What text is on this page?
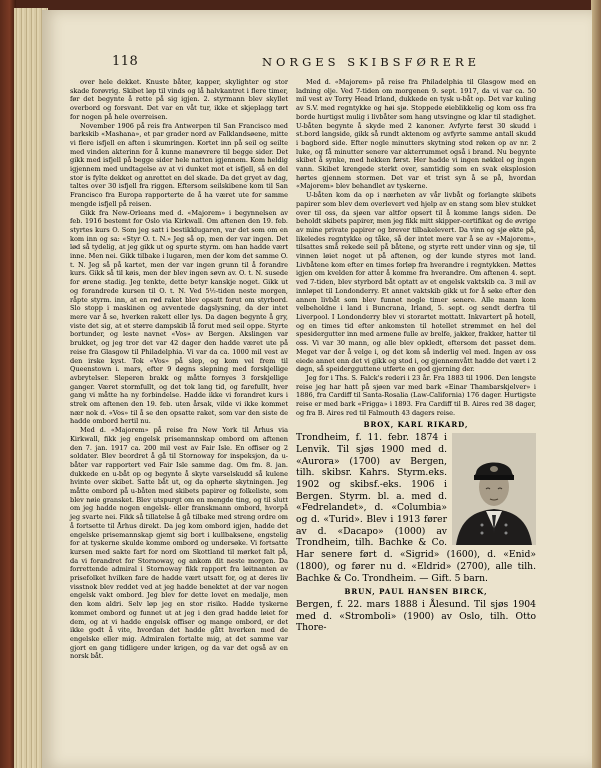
118	NORGES SKIBSFØRERE

over hele dekket. Knuste båter, kapper, skylighter og stor skade forøvrig. Skibet løp til vinds og lå halvkantret i flere timer, før det begynte å rette på sig igjen. 2. styrmann blev skyllet overbord og forsvant. Det var en våt tur, ikke et skjeplagg tørt for nogen på hele overreisen.

November 1906 på reis fra Antwerpen til San Francisco med barkskib «Mashana», et par grader nord av Falklandsøene, mitte vi flere isfjell en aften i skumringen. Kortet inn på seil og seilte med vinden akterinn for å kunne manøvrere til begge sider. Det gikk med isfjell på begge sider hele natten igjennem. Kom heldig igjennem med undtagelse av at vi dunket mot et isfjell, så en del stor is fylte dekket og anrettet en del skade. Da det gryet av dag, taltes over 30 isfjell fra riggen. Eftersom seilskibene kom til San Francisco fra Europa rapporterte de å ha været ute for samme mengde isfjell på reisen.

Gikk fra New-Orleans med d. «Majorem» i begynnelsen av feb. 1916 bestemt for Oslo via Kirkwall. Om aftenen den 19. feb. styrtes kurs O. Som jeg satt i bestikklugaren, var det som om en kom inn og sa: «Styr O. t. N.» Jeg så op, men der var ingen. Det lød så tydelig, at jeg gikk ut og spurte styrm. om han hadde vært inne. Men nei. Gikk tilbake i lugaren, men der kom det samme O. t. N. Jeg så på kartet, men der var ingen grunn til å forandre kurs. Gikk så til køis, men der blev ingen søvn av. O. t. N. susede for ørene stadig. Jeg tenkte, dette betyr kanskje noget. Gikk ut og forandrede kursen til O. t. N. Ved 5½-tiden neste morgen, råpte styrm. inn, at en rød raket blev opsatt forut om styrbord. Slo stopp i maskinen og avventede dagslysning, da der intet mere var å se, hverken rakett eller lys. Da dagen begynte å gry, viste det sig, at et større dampskib lå forut med seil oppe. Styrte bortunder, og leste navnet «Vos» av Bergen. Akslingen var brukket, og jeg tror det var 42 dager den hadde været ute på reise fra Glasgow til Philadelphia. Vi var da ca. 1000 mil vest av den irske kyst. Tok «Vos» på slep, og kom vel frem til Queenstown i. mars, efter 9 døgns slepning med forskjellige avbrytelser. Sleperen brakk og måtte fornyes 3 forskjellige ganger. Været stormfullt, og det tok lang tid, og farefullt, hver gang vi måtte ha ny forbindelse. Hadde ikke vi forandret kurs i strek om aftenen den 19. feb. uten årsak, vilde vi ikke kommet nær nok d. «Vos» til å se den opsatte raket, som var den siste de hadde ombord hertil nu.

Med d. «Majorem» på reise fra New York til Århus via Kirkwall, fikk jeg engelsk prisemannskap ombord om aftenen den 7. jan. 1917 ca. 200 mil vest av Fair Isle. En offiser og 2 soldater. Blev beordret å gå til Stornoway for inspeksjon, da u-båter var rapportert ved Fair Isle samme dag. Om fm. 8. jan. dukkede en u-båt op og begynte å skyte varselskudd så kulene hvinte over skibet. Satte båt ut, og da ophørte skytningen. Jeg måtte ombord på u-båten med skibets papirer og folkeliste, som blev nøie gransket. Blev utspurgt om en mengde ting, og til slutt om jeg hadde nogen engelsk- eller franskmann ombord, hvorpå jeg svarte nei. Fikk så tillatelse å gå tilbake med streng ordre om å fortsette til Århus direkt. Da jeg kom ombord igjen, hadde det engelske prisemannskap gjemt sig bort i kullbaksene, engstelig for at tyskerne skulde komme ombord og undersøke. Vi fortsatte kursen med sakte fart for nord om Skottland til mørket falt på, da vi forandret for Stornoway, og ankom dit neste morgen. Da forrettende admiral i Stornoway fikk rapport fra løitnanten av prisefolket hvilken fare de hadde vært utsatt for, og at deres liv visstnok blev reddet ved at jeg hadde benektet at der var nogen engelsk vakt ombord. Jeg blev for dette lovet en medalje, men den kom aldri. Selv løp jeg en stor risiko. Hadde tyskerne kommet ombord og funnet ut at jeg i den grad hadde løiet for dem, og at vi hadde engelsk offiser og mange ombord, er det ikke godt å vite, hvordan det hadde gått hverken med de engelske eller mig. Admiralen fortalte mig, at det samme var gjort en gang tidligere under krigen, og da var det også av en norsk båt.

Med d. «Majorem» på reise fra Philadelphia til Glasgow med en ladning olje. Ved 7-tiden om morgenen 9. sept. 1917, da vi var ca. 50 mil vest av Torry Head Irland, dukkede en tysk u-båt op. Det var kuling av S.V. med regntykke og høi sjø. Stoppede øieblikkelig og kom oss fra borde hurtigst mulig i livbåter som hang utsvingne og klar til stadighet. U-båten begynte å skyde med 2 kanoner. Avfyrte først 30 skudd i st.bord langside, gikk så rundt aktenom og avfyrte samme antall skudd i bagbord side. Efter nogle minutters skytning stod røken op av nr. 2 luke, og få minutter senere var akterrummet også i brand. Nu begynte skibet å synke, med hekken først. Her hadde vi ingen nøkkel og ingen vann. Skibet krengede sterkt over, samtidig som en svak eksplosion hørtes gjennem stormen. Det var et trist syn å se på, hvordan «Majorem» blev behandlet av tyskerne.

U-båten kom da op i nærheten av vår livbåt og forlangte skibets papirer som blev dem overlevert ved hjelp av en stang som blev stukket over til oss, da sjøen var altfor opsert til å komme langs siden. De beholdt skibets papirer, men jeg fikk mitt skipper-certifikat og de øvrige av mine private papirer og brever tilbakelevert. Da vinn og sjø økte på, likeledes regntykke og tåke, så der intet mere var å se av «Majorem», tilsattes små rekede seil på båtene, og styrte rett under vinn og sjø, til vinnen løiet noget ut på aftenen, og der kunde styres mot land. Livbåtene kom efter en times forløp fra hverandre i regntykken. Møttes igjen om kvelden for atter å komme fra hverandre. Om aftenen 4. sept. ved 7-tiden, blev styrbord båt optatt av et engelsk vaktskib ca. 3 mil av innløpet til Londonderry. Et annet vaktskib gikk ut for å søke efter den annen livbåt som blev funnet nogle timer senere. Alle mann kom velbeholdne i land i Buncrana, Irland, 5. sept. og sendt derfra til Liverpool. I Londonderry blev vi storartet mottatt. Inkvartert på hotell, og en times tid efter ankomsten til hotellet strømmet en hel del spesidergutter inn med armene fulle av brelfe, jakker, frakker, hatter til oss. Vi var 30 mann, og alle blev opkledt, eftersom det passet dem. Meget var der å velge i, og det kom så inderlig vel med. Ingen av oss eiede annet enn det vi gikk og stod i, og gjennemvått hadde det vært i 2 døgn, så speidergguttene utførte en god gjerning der.

Jeg for i Ths. S. Falck's rederi i 23 år. Fra 1883 til 1906. Den lengste reise jeg har hatt på sjøen var med bark «Einar Thambarskjelver» i 1886, fra Cardiff til Santa-Rosalia (Law-California) 176 dager. Hurtigste reise er med bark «Frigga» i 1893. Fra Cardiff til B. Aires red 38 dager, og fra B. Aires red til Falmouth 43 dagers reise.

BROX, KARL RIKARD,

Trondheim, f. 11. febr. 1874 i Lenvik. Til sjøs 1900 med d. «Aurora» (1700) av Bergen, tilh. skibsr. Kahrs. Styrm.eks. 1902 og skibsf.-eks. 1906 i Bergen. Styrm. bl. a. med d. «Fedrelandet», d. «Columbia» og d. «Turid». Blev i 1913 fører av d. «Dacapo» (1000) av Trondheim, tilh. Bachke & Co. Har senere ført d. «Sigrid» (1600), d. «Enid» (1800), og fører nu d. «Eldrid» (2700), alle tilh. Bachke & Co. Trondheim. — Gift. 5 barn.

BRUN, PAUL HANSEN BIRCK,

Bergen, f. 22. mars 1888 i Ålesund. Til sjøs 1904 med d. «Stromboli» (1900) av Oslo, tilh. Otto Thore-
